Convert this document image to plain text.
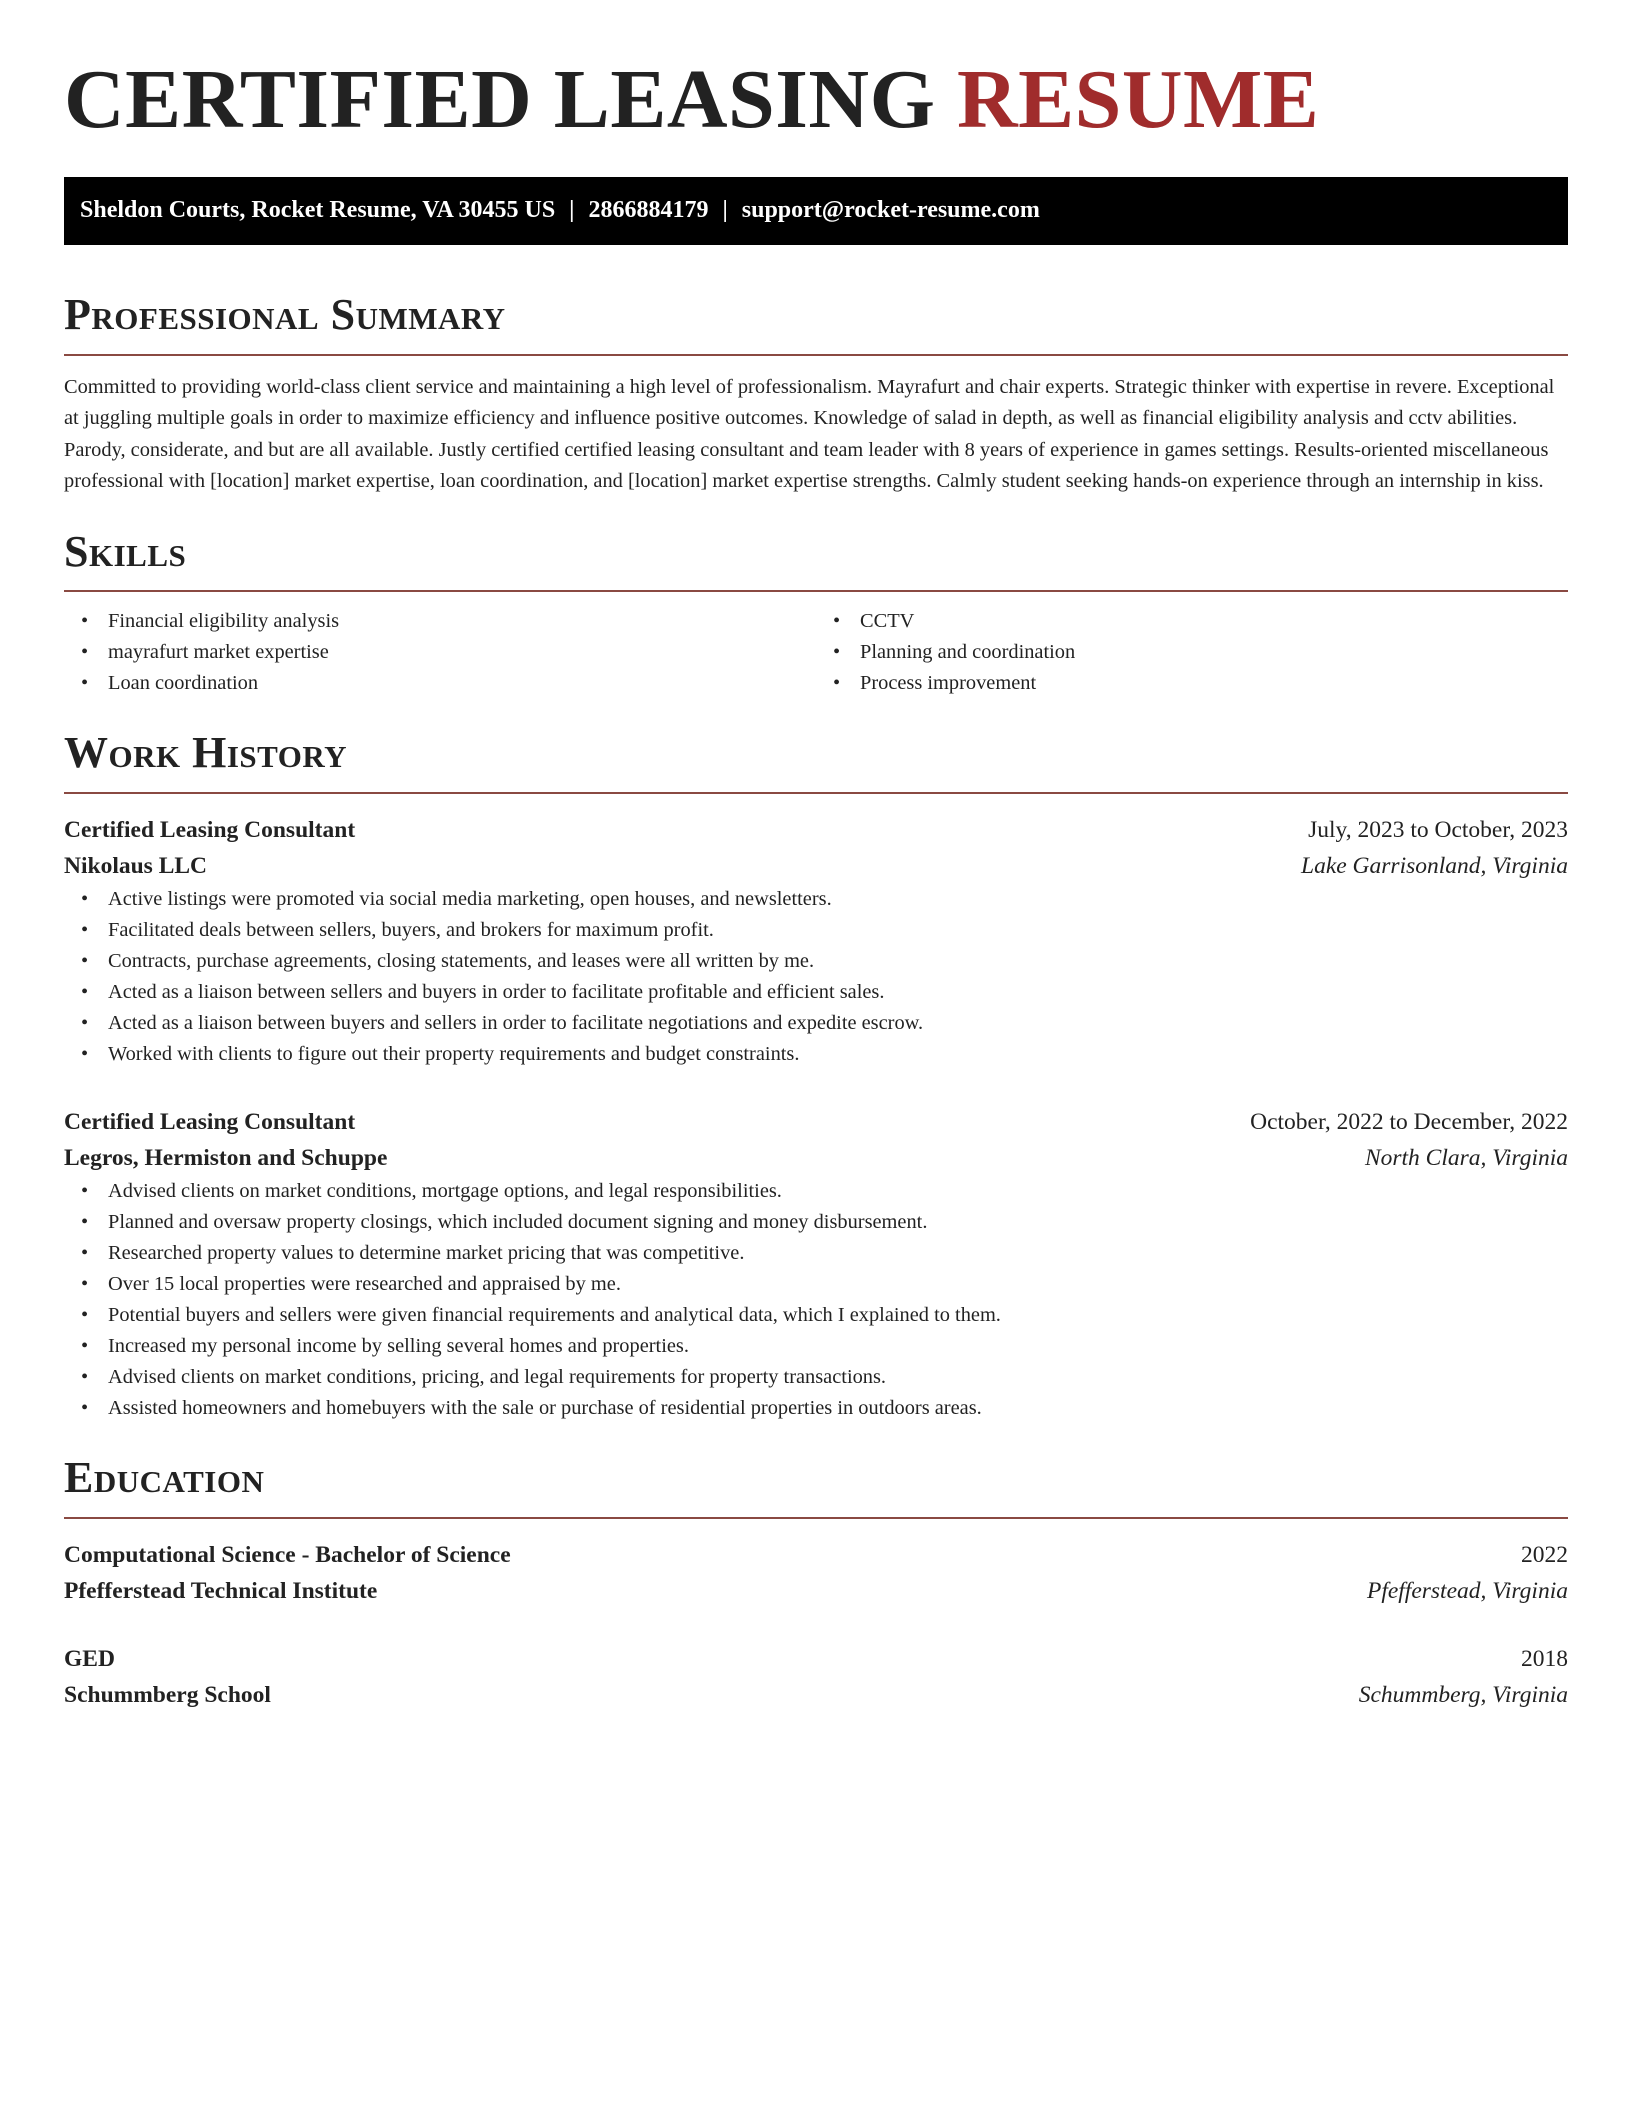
CERTIFIED LEASING RESUME
Sheldon Courts, Rocket Resume, VA 30455 US | 2866884179 | support@rocket-resume.com
Professional Summary

Committed to providing world-class client service and maintaining a high level of professionalism. Mayrafurt and chair experts. Strategic thinker with expertise in revere. Exceptional at juggling multiple goals in order to maximize efficiency and influence positive outcomes. Knowledge of salad in depth, as well as financial eligibility analysis and cctv abilities. Parody, considerate, and but are all available. Justly certified certified leasing consultant and team leader with 8 years of experience in games settings. Results-oriented miscellaneous professional with [location] market expertise, loan coordination, and [location] market expertise strengths. Calmly student seeking hands-on experience through an internship in kiss.

Skills
• Financial eligibility analysis
• mayrafurt market expertise
• Loan coordination
• CCTV
• Planning and coordination
• Process improvement
Work History
Certified Leasing Consultant	July, 2023 to October, 2023
Nikolaus LLC	Lake Garrisonland, Virginia
• Active listings were promoted via social media marketing, open houses, and newsletters.
• Facilitated deals between sellers, buyers, and brokers for maximum profit.
• Contracts, purchase agreements, closing statements, and leases were all written by me.
• Acted as a liaison between sellers and buyers in order to facilitate profitable and efficient sales.
• Acted as a liaison between buyers and sellers in order to facilitate negotiations and expedite escrow.
• Worked with clients to figure out their property requirements and budget constraints.
Certified Leasing Consultant	October, 2022 to December, 2022
Legros, Hermiston and Schuppe	North Clara, Virginia
• Advised clients on market conditions, mortgage options, and legal responsibilities.
• Planned and oversaw property closings, which included document signing and money disbursement.
• Researched property values to determine market pricing that was competitive.
• Over 15 local properties were researched and appraised by me.
• Potential buyers and sellers were given financial requirements and analytical data, which I explained to them.
• Increased my personal income by selling several homes and properties.
• Advised clients on market conditions, pricing, and legal requirements for property transactions.
• Assisted homeowners and homebuyers with the sale or purchase of residential properties in outdoors areas.
Education
Computational Science - Bachelor of Science	2022
Pfefferstead Technical Institute	Pfefferstead, Virginia
GED	2018
Schummberg School	Schummberg, Virginia
